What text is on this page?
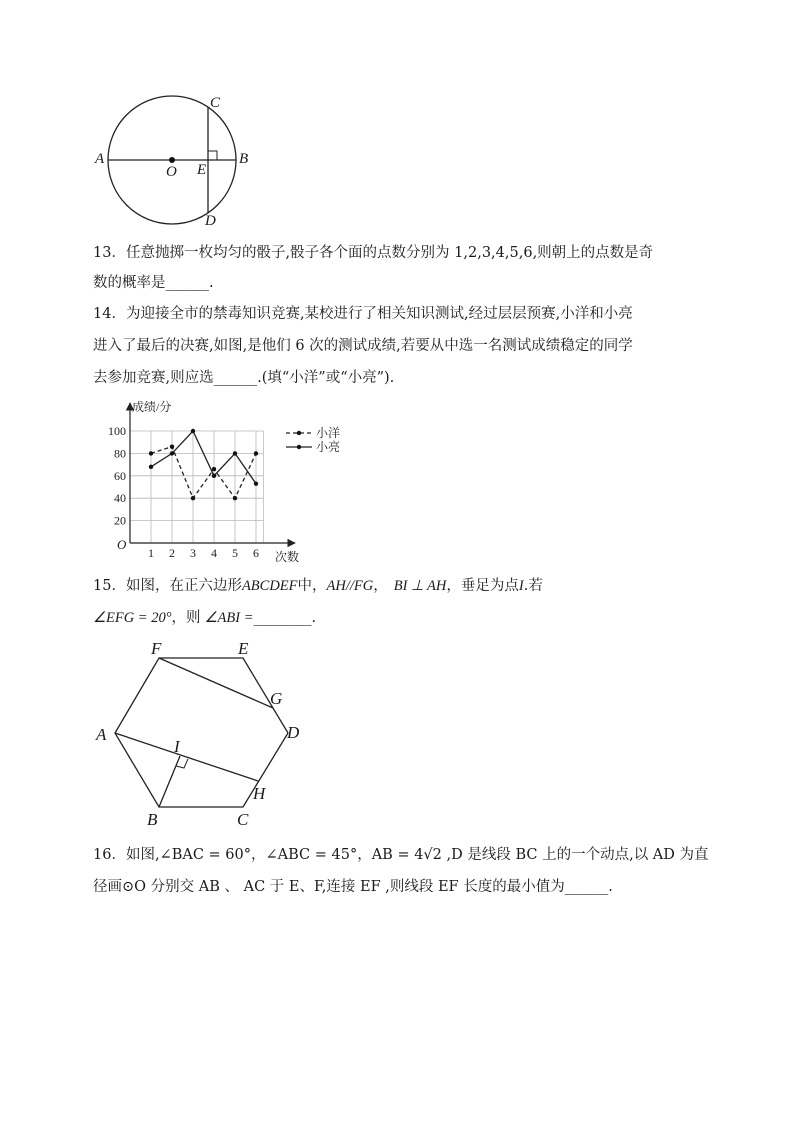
A	B
C
D
E
O
13．任意抛掷一枚均匀的骰子,骰子各个面的点数分别为 1,2,3,4,5,6,则朝上的点数是奇
数的概率是______.
14．为迎接全市的禁毒知识竞赛,某校进行了相关知识测试,经过层层预赛,小洋和小亮
进入了最后的决赛,如图,是他们 6 次的测试成绩,若要从中选一名测试成绩稳定的同学
去参加竞赛,则应选______.(填“小洋”或“小亮”).
1 2 3 4 5 6
20
40
60
80
100
O
成绩/分
次数
小洋
小亮
15．如图，在正六边形ABCDEF中，AH//FG， BI ⊥ AH，垂足为点I.若
∠EFG = 20°，则 ∠ABI =________.
F	E
G
D
A
I
H
B	C
16．如图,∠BAC = 60°，∠ABC = 45°，AB = 4√2 ,D 是线段 BC 上的一个动点,以 AD 为直
径画⊙O 分别交 AB 、 AC 于 E、F,连接 EF ,则线段 EF 长度的最小值为______.
